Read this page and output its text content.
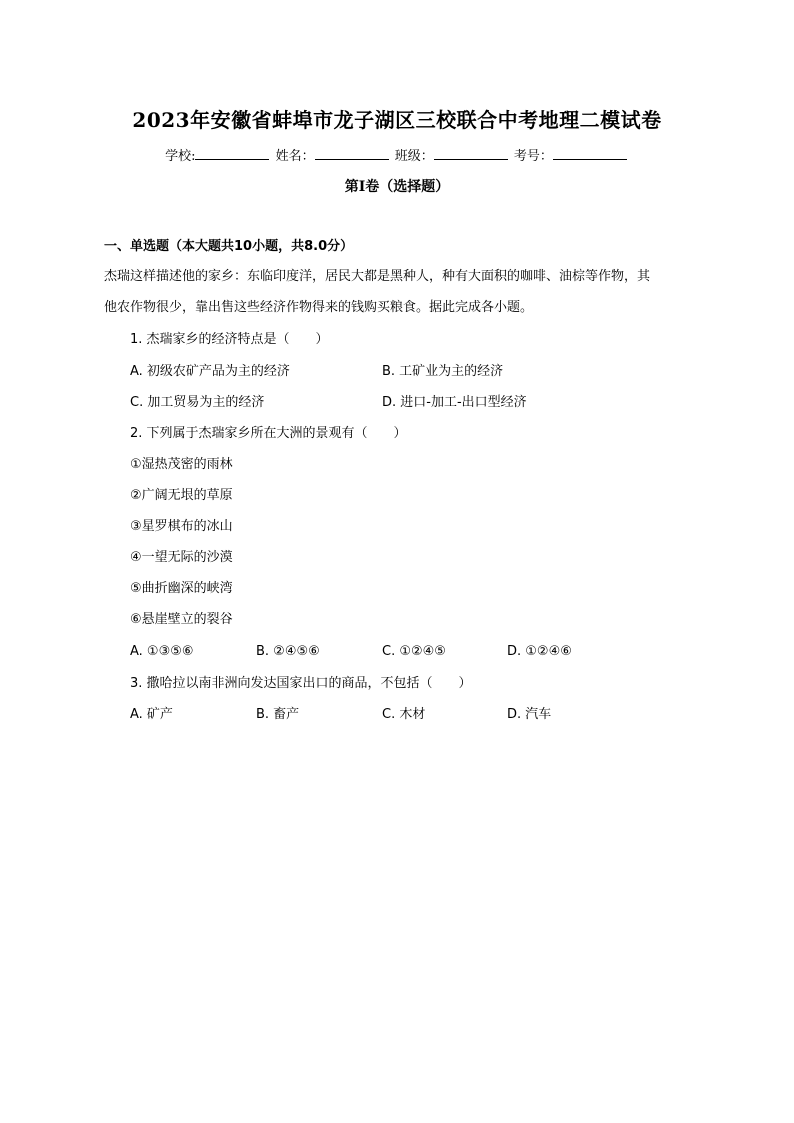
2023年安徽省蚌埠市龙子湖区三校联合中考地理二模试卷
学校:	姓名：	班级：	考号：
第I卷（选择题）
一、单选题（本大题共10小题，共8.0分）
杰瑞这样描述他的家乡：东临印度洋，居民大都是黑种人，种有大面积的咖啡、油棕等作物，其
他农作物很少，靠出售这些经济作物得来的钱购买粮食。据此完成各小题。
1. 杰瑞家乡的经济特点是（　　）
A. 初级农矿产品为主的经济	B. 工矿业为主的经济
C. 加工贸易为主的经济	D. 进口-加工-出口型经济
2. 下列属于杰瑞家乡所在大洲的景观有（　　）
①湿热茂密的雨林
②广阔无垠的草原
③星罗棋布的冰山
④一望无际的沙漠
⑤曲折幽深的峡湾
⑥悬崖壁立的裂谷
A. ①③⑤⑥	B. ②④⑤⑥	C. ①②④⑤	D. ①②④⑥
3. 撒哈拉以南非洲向发达国家出口的商品，不包括（　　）
A. 矿产	B. 畜产	C. 木材	D. 汽车
